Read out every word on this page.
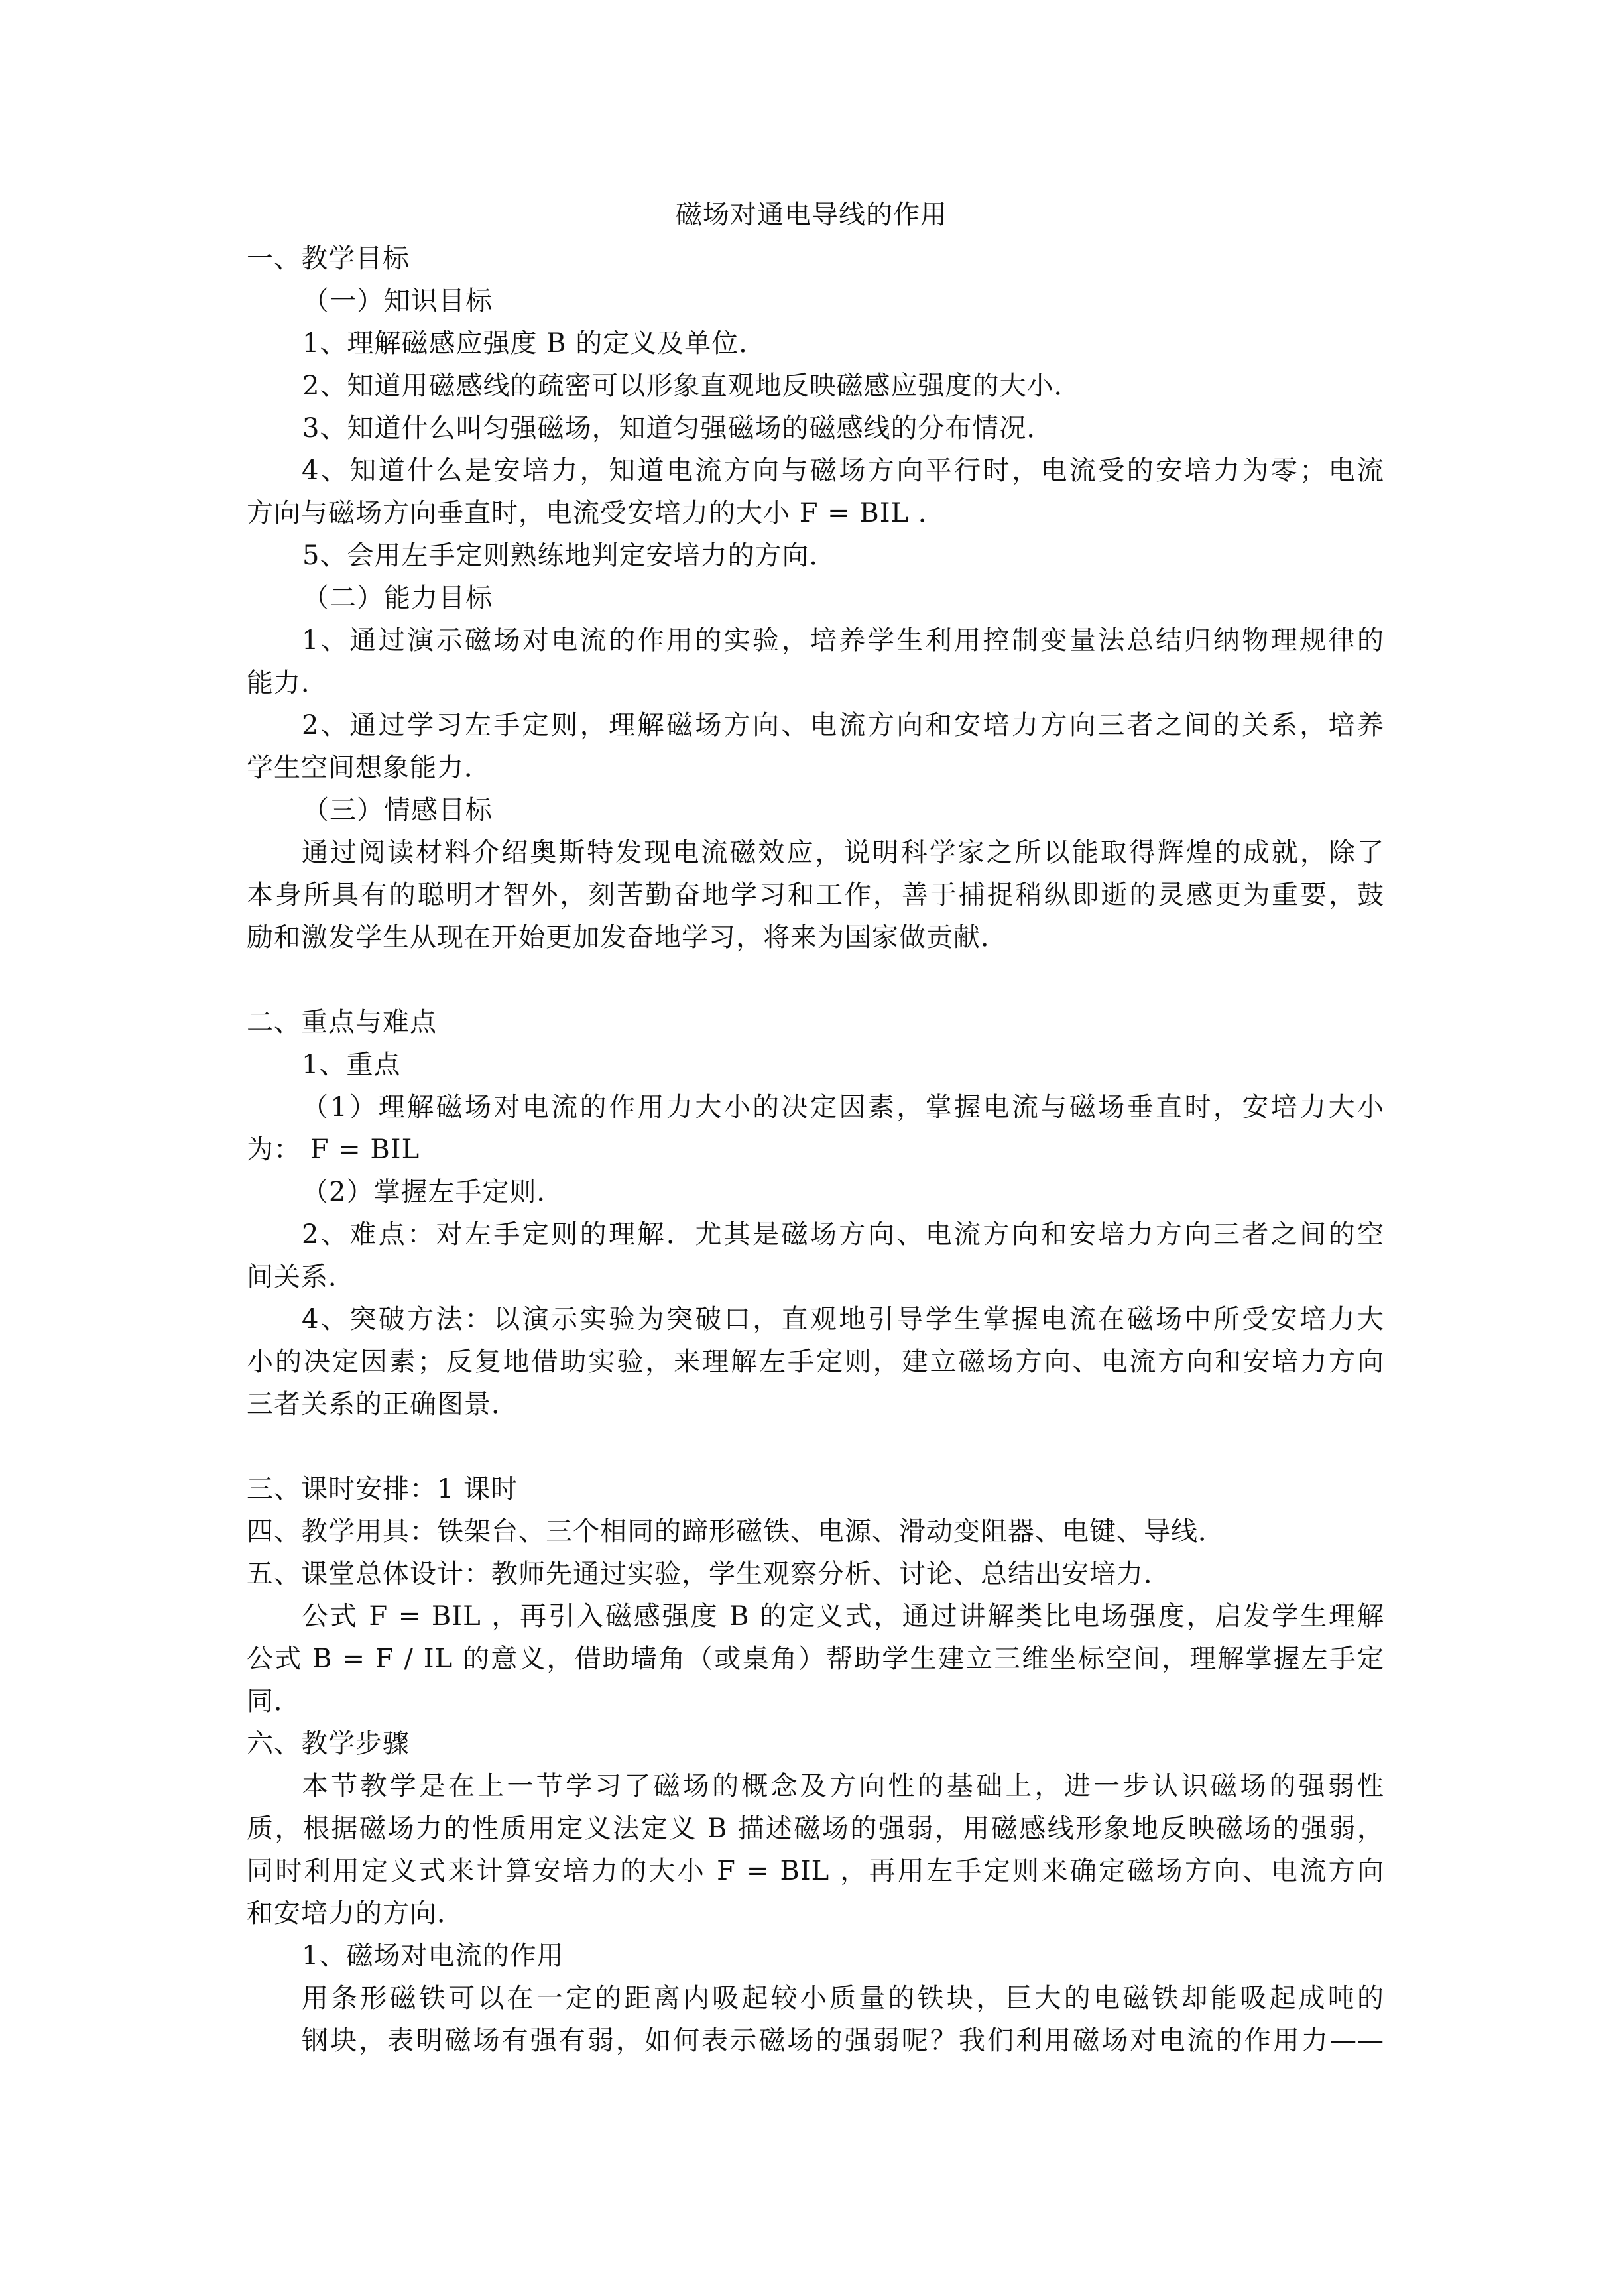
磁场对通电导线的作用
一、教学目标
（一）知识目标
1、理解磁感应强度 B 的定义及单位．
2、知道用磁感线的疏密可以形象直观地反映磁感应强度的大小．
3、知道什么叫匀强磁场，知道匀强磁场的磁感线的分布情况．
4、知道什么是安培力，知道电流方向与磁场方向平行时，电流受的安培力为零；电流
方向与磁场方向垂直时，电流受安培力的大小 F = BIL ．
5、会用左手定则熟练地判定安培力的方向．
（二）能力目标
1、通过演示磁场对电流的作用的实验，培养学生利用控制变量法总结归纳物理规律的
能力．
2、通过学习左手定则，理解磁场方向、电流方向和安培力方向三者之间的关系，培养
学生空间想象能力．
（三）情感目标
通过阅读材料介绍奥斯特发现电流磁效应，说明科学家之所以能取得辉煌的成就，除了
本身所具有的聪明才智外，刻苦勤奋地学习和工作，善于捕捉稍纵即逝的灵感更为重要，鼓
励和激发学生从现在开始更加发奋地学习，将来为国家做贡献．
二、重点与难点
1、重点
（1）理解磁场对电流的作用力大小的决定因素，掌握电流与磁场垂直时，安培力大小
为： F = BIL
（2）掌握左手定则．
2、难点：对左手定则的理解．尤其是磁场方向、电流方向和安培力方向三者之间的空
间关系．
4、突破方法：以演示实验为突破口，直观地引导学生掌握电流在磁场中所受安培力大
小的决定因素；反复地借助实验，来理解左手定则，建立磁场方向、电流方向和安培力方向
三者关系的正确图景．
三、课时安排：1 课时
四、教学用具：铁架台、三个相同的蹄形磁铁、电源、滑动变阻器、电键、导线．
五、课堂总体设计：教师先通过实验，学生观察分析、讨论、总结出安培力．
公式 F = BIL ，再引入磁感强度 B 的定义式，通过讲解类比电场强度，启发学生理解
公式 B = F / IL 的意义，借助墙角（或桌角）帮助学生建立三维坐标空间，理解掌握左手定
同．
六、教学步骤
本节教学是在上一节学习了磁场的概念及方向性的基础上，进一步认识磁场的强弱性
质，根据磁场力的性质用定义法定义 B 描述磁场的强弱，用磁感线形象地反映磁场的强弱，
同时利用定义式来计算安培力的大小 F = BIL ，再用左手定则来确定磁场方向、电流方向
和安培力的方向．
1、磁场对电流的作用
用条形磁铁可以在一定的距离内吸起较小质量的铁块，巨大的电磁铁却能吸起成吨的
钢块，表明磁场有强有弱，如何表示磁场的强弱呢？我们利用磁场对电流的作用力——
